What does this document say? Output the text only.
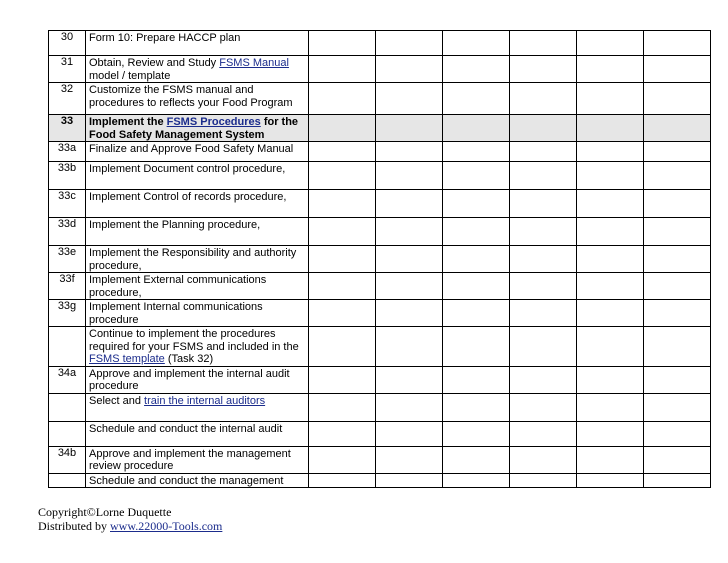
30	Form 10: Prepare HACCP plan						
31	Obtain, Review and Study FSMS Manual model / template						
32	Customize the FSMS manual and procedures to reflects your Food Program						
33	Implement the FSMS Procedures for the Food Safety Management System						
33a	Finalize and Approve Food Safety Manual						
33b	Implement Document control procedure,						
33c	Implement Control of records procedure,						
33d	Implement the Planning procedure,						
33e	Implement the Responsibility and authority procedure,						
33f	Implement External communications procedure,						
33g	Implement Internal communications procedure						
	Continue to implement the procedures required for your FSMS and included in the FSMS template (Task 32)						
34a	Approve and implement the internal audit procedure						
	Select and train the internal auditors						
	Schedule and conduct the internal audit						
34b	Approve and implement the management review procedure						
	Schedule and conduct the management						
Copyright©Lorne Duquette
Distributed by www.22000-Tools.com
